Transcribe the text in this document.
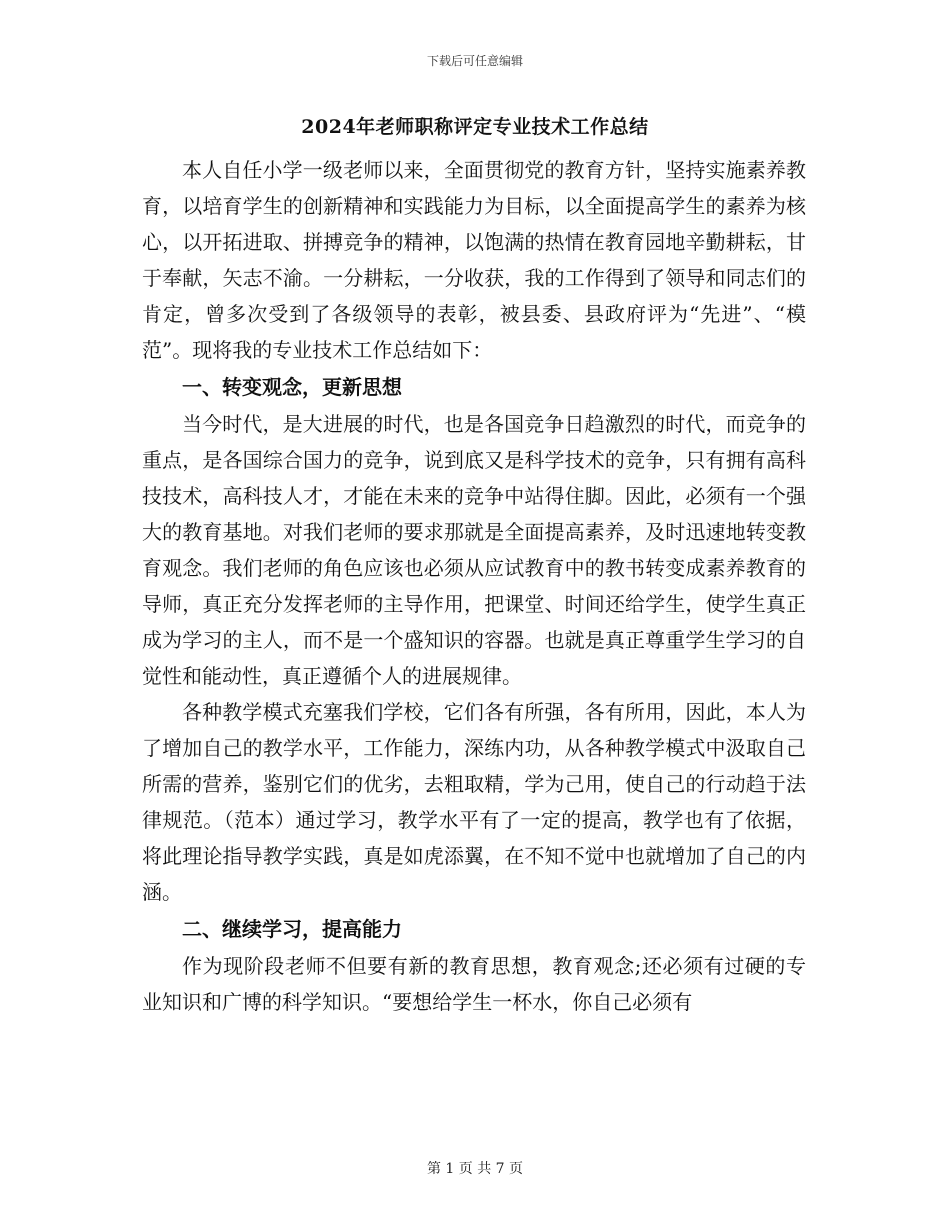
下载后可任意编辑
2024年老师职称评定专业技术工作总结

本人自任小学一级老师以来，全面贯彻党的教育方针，坚持实施素养教育，以培育学生的创新精神和实践能力为目标，以全面提高学生的素养为核心，以开拓进取、拼搏竞争的精神，以饱满的热情在教育园地辛勤耕耘，甘于奉献，矢志不渝。一分耕耘，一分收获，我的工作得到了领导和同志们的肯定，曾多次受到了各级领导的表彰，被县委、县政府评为“先进”、“模范”。现将我的专业技术工作总结如下：

一、转变观念，更新思想

当今时代，是大进展的时代，也是各国竞争日趋激烈的时代，而竞争的重点，是各国综合国力的竞争，说到底又是科学技术的竞争，只有拥有高科技技术，高科技人才，才能在未来的竞争中站得住脚。因此，必须有一个强大的教育基地。对我们老师的要求那就是全面提高素养，及时迅速地转变教育观念。我们老师的角色应该也必须从应试教育中的教书转变成素养教育的导师，真正充分发挥老师的主导作用，把课堂、时间还给学生，使学生真正成为学习的主人，而不是一个盛知识的容器。也就是真正尊重学生学习的自觉性和能动性，真正遵循个人的进展规律。

各种教学模式充塞我们学校，它们各有所强，各有所用，因此，本人为了增加自己的教学水平，工作能力，深练内功，从各种教学模式中汲取自己所需的营养，鉴别它们的优劣，去粗取精，学为己用，使自己的行动趋于法律规范。（范本）通过学习，教学水平有了一定的提高，教学也有了依据，将此理论指导教学实践，真是如虎添翼，在不知不觉中也就增加了自己的内涵。

二、继续学习，提高能力

作为现阶段老师不但要有新的教育思想，教育观念;还必须有过硬的专业知识和广博的科学知识。“要想给学生一杯水，你自己必须有

第 1 页 共 7 页
